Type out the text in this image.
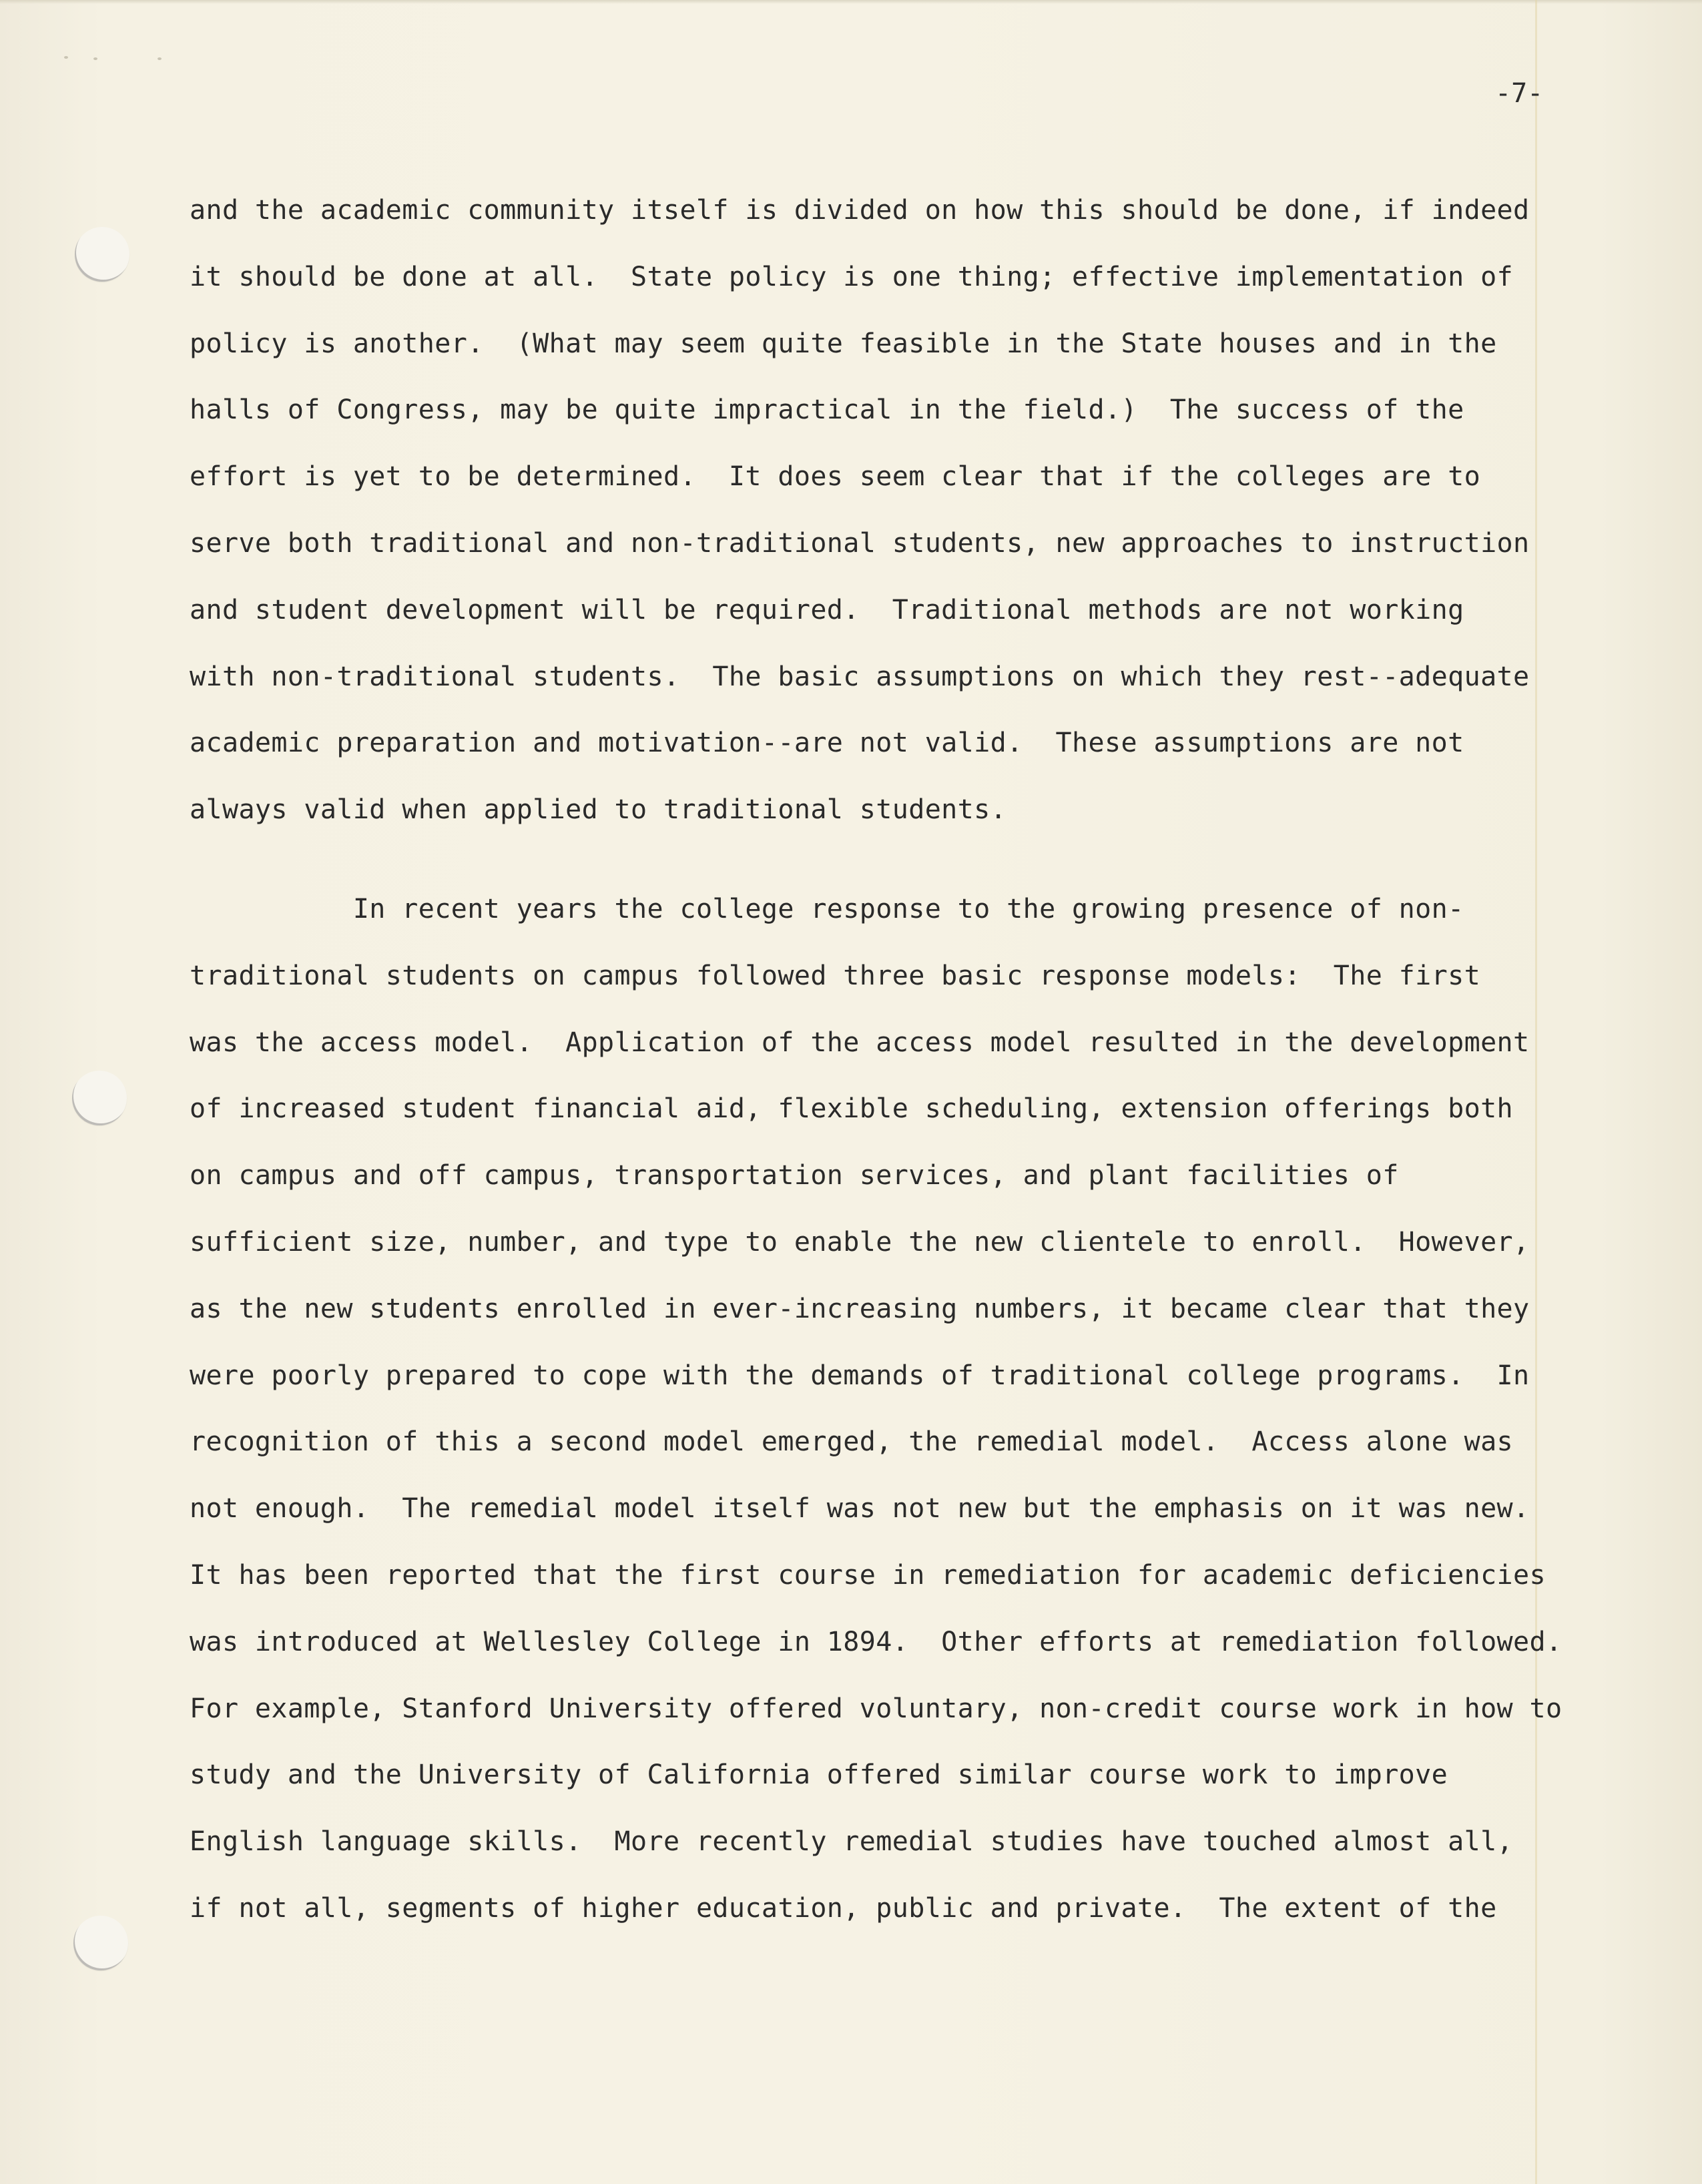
-7-
and the academic community itself is divided on how this should be done, if indeed
it should be done at all.  State policy is one thing; effective implementation of
policy is another.  (What may seem quite feasible in the State houses and in the
halls of Congress, may be quite impractical in the field.)  The success of the
effort is yet to be determined.  It does seem clear that if the colleges are to
serve both traditional and non-traditional students, new approaches to instruction
and student development will be required.  Traditional methods are not working
with non-traditional students.  The basic assumptions on which they rest--adequate
academic preparation and motivation--are not valid.  These assumptions are not
always valid when applied to traditional students.
In recent years the college response to the growing presence of non-
traditional students on campus followed three basic response models:  The first
was the access model.  Application of the access model resulted in the development
of increased student financial aid, flexible scheduling, extension offerings both
on campus and off campus, transportation services, and plant facilities of
sufficient size, number, and type to enable the new clientele to enroll.  However,
as the new students enrolled in ever-increasing numbers, it became clear that they
were poorly prepared to cope with the demands of traditional college programs.  In
recognition of this a second model emerged, the remedial model.  Access alone was
not enough.  The remedial model itself was not new but the emphasis on it was new.
It has been reported that the first course in remediation for academic deficiencies
was introduced at Wellesley College in 1894.  Other efforts at remediation followed.
For example, Stanford University offered voluntary, non-credit course work in how to
study and the University of California offered similar course work to improve
English language skills.  More recently remedial studies have touched almost all,
if not all, segments of higher education, public and private.  The extent of the
